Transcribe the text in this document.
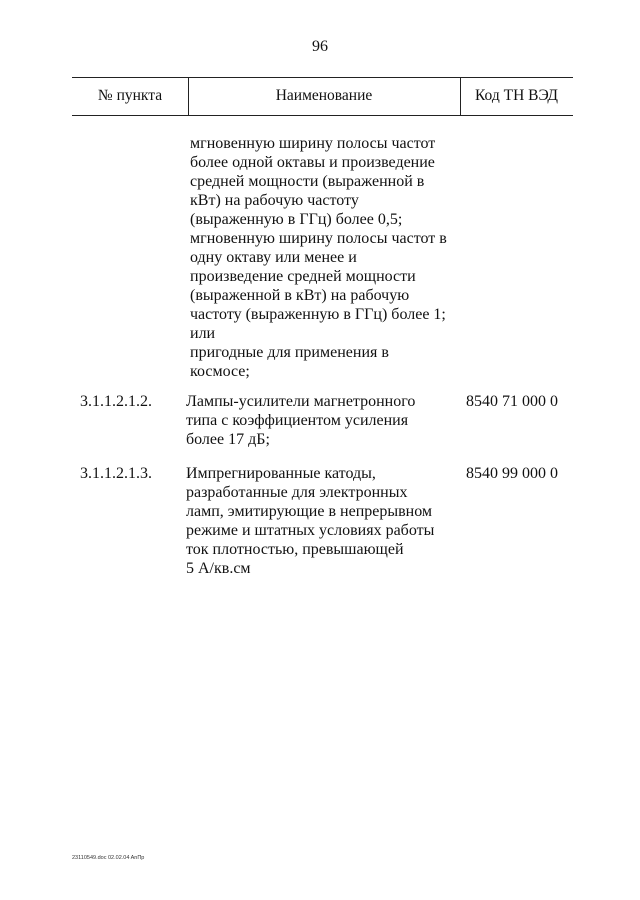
96
№ пункта	Наименование	Код ТН ВЭД
мгновенную ширину полосы частот
более одной октавы и произведение
средней мощности (выраженной в
кВт) на рабочую частоту
(выраженную в ГГц) более 0,5;
мгновенную ширину полосы частот в
одну октаву или менее и
произведение средней мощности
(выраженной в кВт) на рабочую
частоту (выраженную в ГГц) более 1;
или
пригодные для применения в
космосе;
3.1.1.2.1.2. Лампы-усилители магнетронного
типа с коэффициентом усиления
более 17 дБ;
8540 71 000 0
3.1.1.2.1.3. Импрегнированные катоды,
разработанные для электронных
ламп, эмитирующие в непрерывном
режиме и штатных условиях работы
ток плотностью, превышающей
5 А/кв.см
8540 99 000 0
23110549.doc 02.02.04 AnПр
